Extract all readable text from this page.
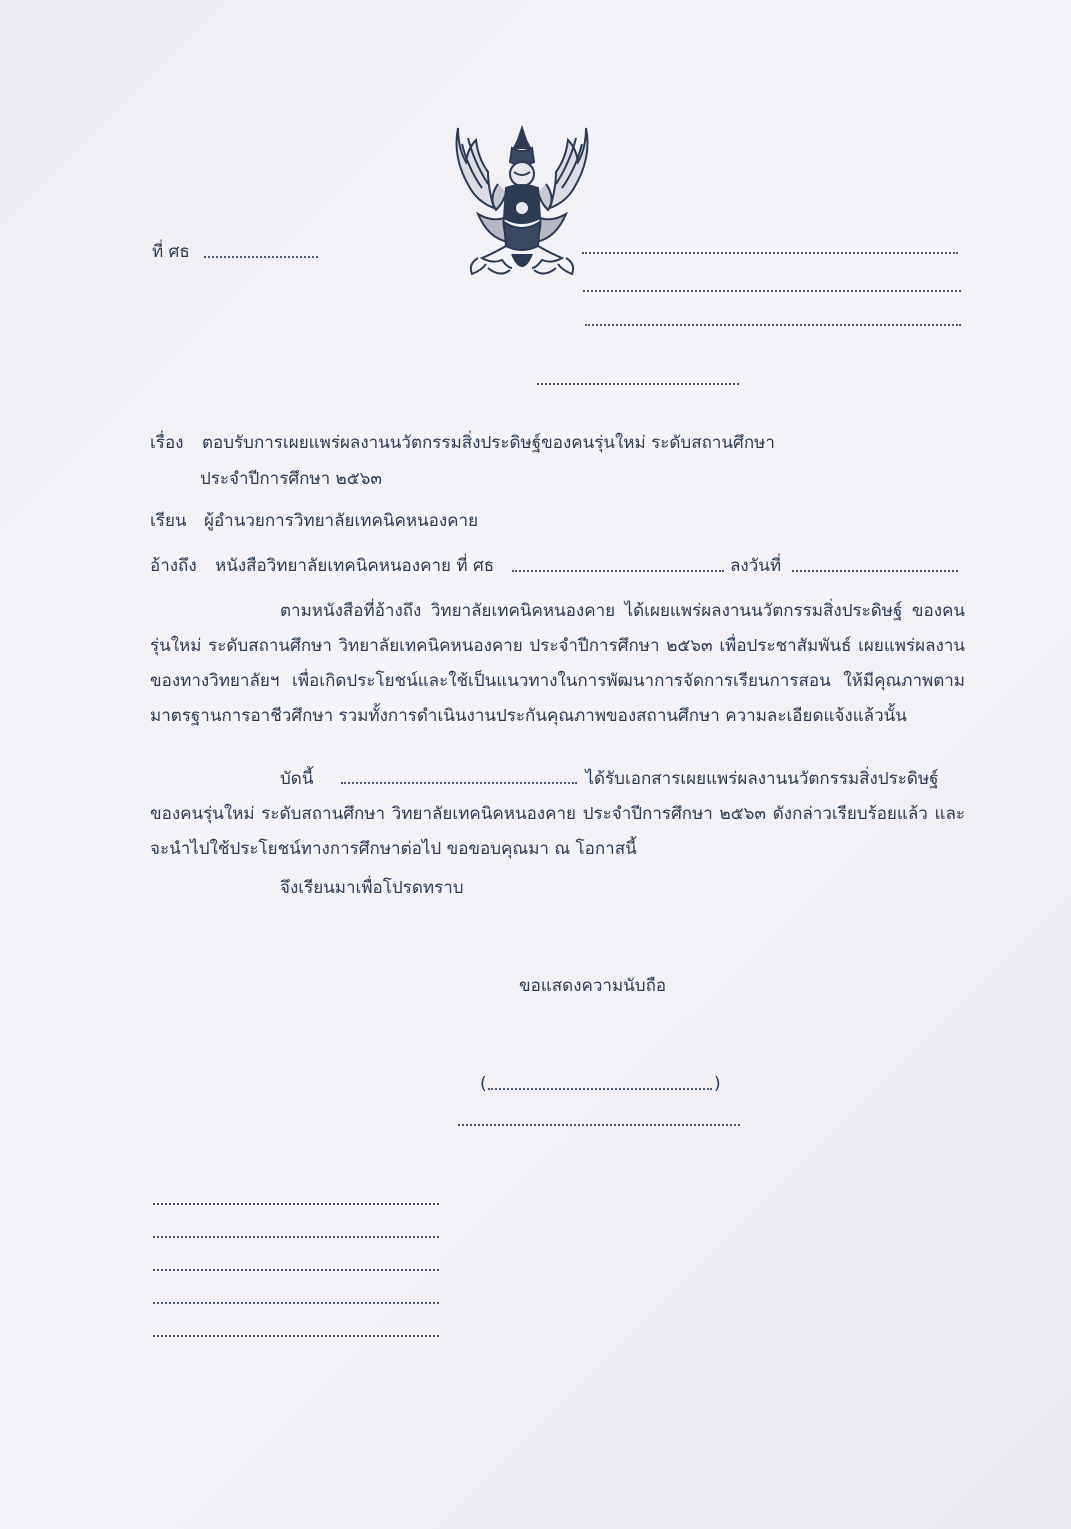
ที่ ศธ
เรื่อง ตอบรับการเผยแพร่ผลงานนวัตกรรมสิ่งประดิษฐ์ของคนรุ่นใหม่ ระดับสถานศึกษา
ประจำปีการศึกษา ๒๕๖๓
เรียน ผู้อำนวยการวิทยาลัยเทคนิคหนองคาย
อ้างถึง หนังสือวิทยาลัยเทคนิคหนองคาย ที่ ศธ	ลงวันที่
ตามหนังสือที่อ้างถึง วิทยาลัยเทคนิคหนองคาย ได้เผยแพร่ผลงานนวัตกรรมสิ่งประดิษฐ์ ของคนรุ่นใหม่ ระดับสถานศึกษา วิทยาลัยเทคนิคหนองคาย ประจำปีการศึกษา ๒๕๖๓ เพื่อประชาสัมพันธ์ เผยแพร่ผลงานของทางวิทยาลัยฯ เพื่อเกิดประโยชน์และใช้เป็นแนวทางในการพัฒนาการจัดการเรียนการสอน ให้มีคุณภาพตามมาตรฐานการอาชีวศึกษา รวมทั้งการดำเนินงานประกันคุณภาพของสถานศึกษา ความละเอียดแจ้งแล้วนั้น
บัดนี้	ได้รับเอกสารเผยแพร่ผลงานนวัตกรรมสิ่งประดิษฐ์ ของคนรุ่นใหม่ ระดับสถานศึกษา วิทยาลัยเทคนิคหนองคาย ประจำปีการศึกษา ๒๕๖๓ ดังกล่าวเรียบร้อยแล้ว และจะนำไปใช้ประโยชน์ทางการศึกษาต่อไป ขอขอบคุณมา ณ โอกาสนี้
จึงเรียนมาเพื่อโปรดทราบ
ขอแสดงความนับถือ
(	)
